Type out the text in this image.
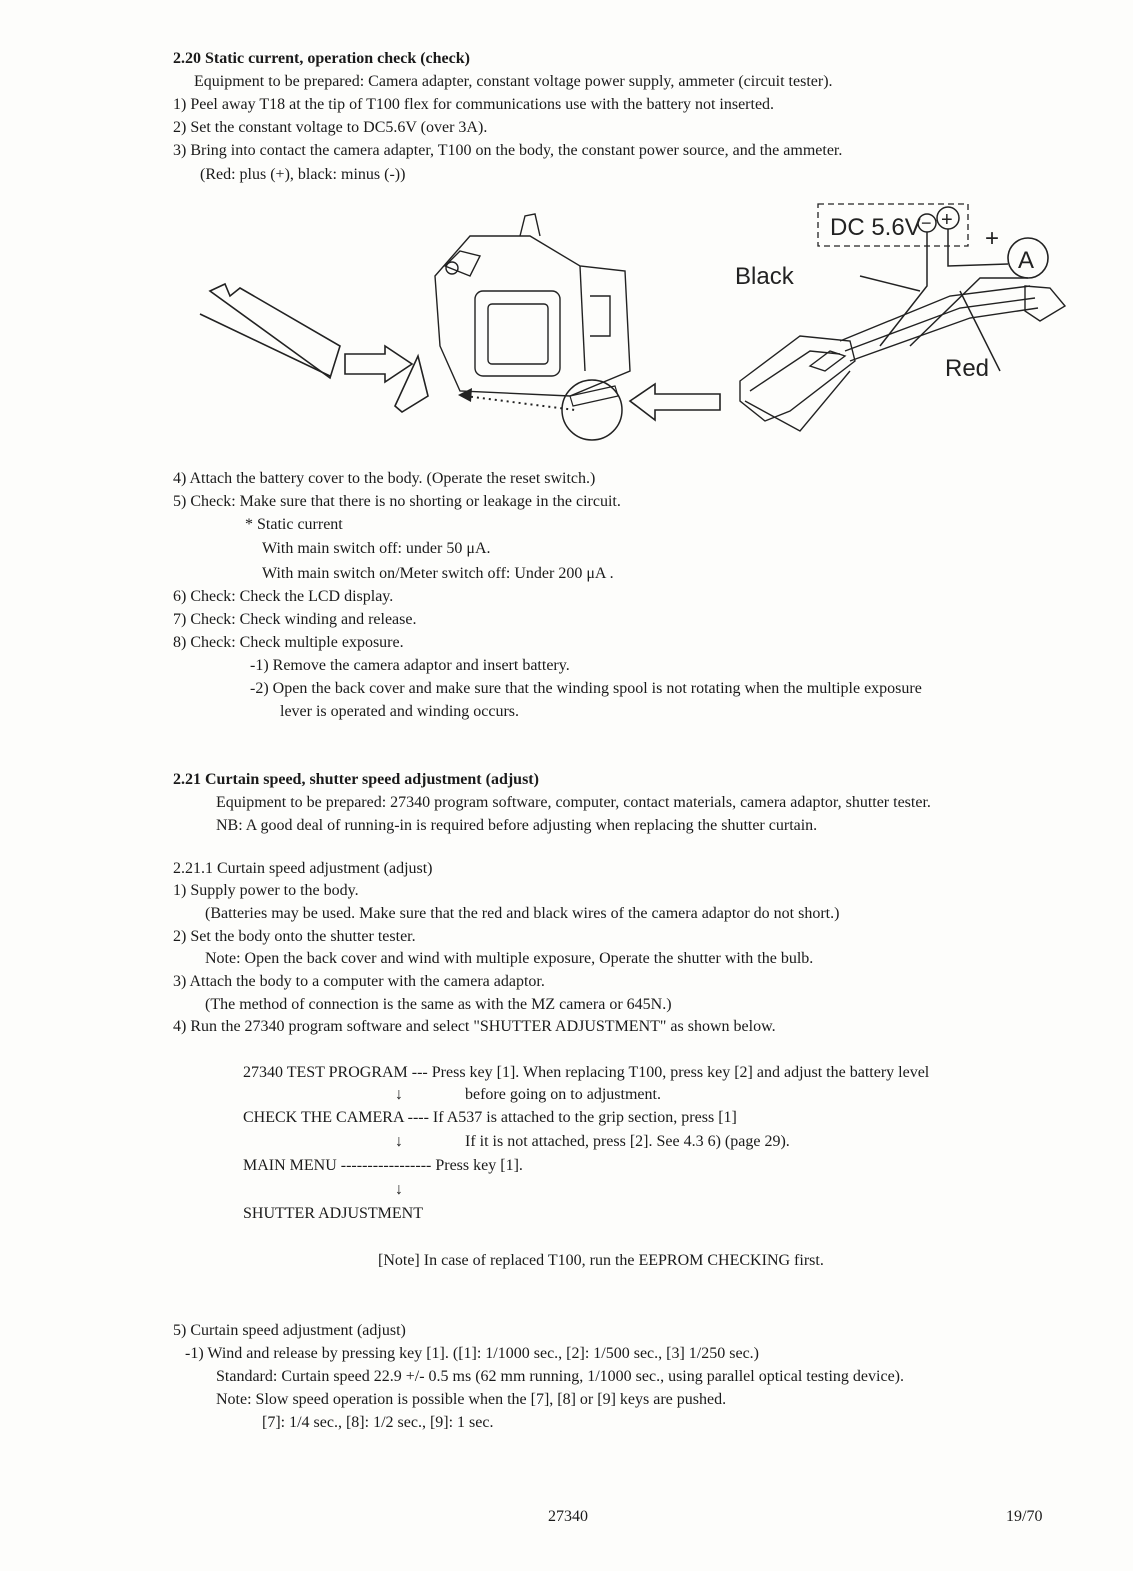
2.20 Static current, operation check (check)
Equipment to be prepared: Camera adapter, constant voltage power supply, ammeter (circuit tester).
1) Peel away T18 at the tip of T100 flex for communications use with the battery not inserted.
2) Set the constant voltage to DC5.6V (over 3A).
3) Bring into contact the camera adapter, T100 on the body, the constant power source, and the ammeter.
(Red: plus (+), black: minus (-))
DC 5.6V − +
+
A
Black
Red
4) Attach the battery cover to the body. (Operate the reset switch.)
5) Check: Make sure that there is no shorting or leakage in the circuit.
* Static current
With main switch off: under 50 μA.
With main switch on/Meter switch off: Under 200 μA .
6) Check: Check the LCD display.
7) Check: Check winding and release.
8) Check: Check multiple exposure.
-1) Remove the camera adaptor and insert battery.
-2) Open the back cover and make sure that the winding spool is not rotating when the multiple exposure
lever is operated and winding occurs.
2.21 Curtain speed, shutter speed adjustment (adjust)
Equipment to be prepared: 27340 program software, computer, contact materials, camera adaptor, shutter tester.
NB: A good deal of running-in is required before adjusting when replacing the shutter curtain.
2.21.1 Curtain speed adjustment (adjust)
1) Supply power to the body.
(Batteries may be used. Make sure that the red and black wires of the camera adaptor do not short.)
2) Set the body onto the shutter tester.
Note: Open the back cover and wind with multiple exposure, Operate the shutter with the bulb.
3) Attach the body to a computer with the camera adaptor.
(The method of connection is the same as with the MZ camera or 645N.)
4) Run the 27340 program software and select "SHUTTER ADJUSTMENT" as shown below.
27340 TEST PROGRAM --- Press key [1]. When replacing T100, press key [2] and adjust the battery level
↓	before going on to adjustment.
CHECK THE CAMERA ---- If A537 is attached to the grip section, press [1]
↓	If it is not attached, press [2]. See 4.3 6) (page 29).
MAIN MENU ----------------- Press key [1].
↓
SHUTTER ADJUSTMENT
[Note] In case of replaced T100, run the EEPROM CHECKING first.
5) Curtain speed adjustment (adjust)
-1) Wind and release by pressing key [1]. ([1]: 1/1000 sec., [2]: 1/500 sec., [3] 1/250 sec.)
Standard: Curtain speed 22.9 +/- 0.5 ms (62 mm running, 1/1000 sec., using parallel optical testing device).
Note: Slow speed operation is possible when the [7], [8] or [9] keys are pushed.
[7]: 1/4 sec., [8]: 1/2 sec., [9]: 1 sec.
27340	19/70
